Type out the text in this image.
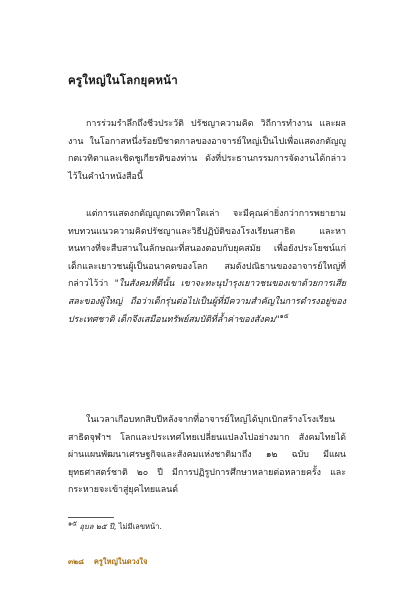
ครูใหญ่ในโลกยุคหน้า

การร่วมรำลึกถึงชีวประวัติ ปรัชญาความคิด วิถีการทำงาน และผลงาน ในโอกาสหนึ่งร้อยปีชาตกาลของอาจารย์ใหญ่เป็นไปเพื่อแสดงกตัญญูกตเวทิตาและเชิดชูเกียรติของท่าน ดังที่ประธานกรรมการจัดงานได้กล่าวไว้ในคำนำหนังสือนี้

แต่การแสดงกตัญญูกตเวทิตาใดเล่า จะมีคุณค่ายิ่งกว่าการพยายามทบทวนแนวความคิดปรัชญาและวิธีปฏิบัติของโรงเรียนสาธิต และหาหนทางที่จะสืบสานในลักษณะที่สนองตอบกับยุคสมัย เพื่อยังประโยชน์แก่เด็กและเยาวชนผู้เป็นอนาคตของโลก สมดังปณิธานของอาจารย์ใหญ่ที่กล่าวไว้ว่า "ในสังคมที่ดีนั้น เขาจะทะนุบำรุงเยาวชนของเขาด้วยการเสียสละของผู้ใหญ่ ถือว่าเด็กรุ่นต่อไปเป็นผู้ที่มีความสำคัญในการดำรงอยู่ของประเทศชาติ เด็กจึงเสมือนทรัพย์สมบัติที่ล้ำค่าของสังคม"$^{๑๕}$

ในเวลาเกือบหกสิบปีหลังจากที่อาจารย์ใหญ่ได้บุกเบิกสร้างโรงเรียนสาธิตจุฬาฯ โลกและประเทศไทยเปลี่ยนแปลงไปอย่างมาก สังคมไทยได้ผ่านแผนพัฒนาเศรษฐกิจและสังคมแห่งชาติมาถึง ๑๒ ฉบับ มีแผนยุทธศาสตร์ชาติ ๒๐ ปี มีการปฏิรูปการศึกษาหลายต่อหลายครั้ง และกระหายจะเข้าสู่ยุคไทยแลนด์

๑๕ อุบล ๒๕ ปี, ไม่มีเลขหน้า.
๓๒๘ ครูใหญ่ในดวงใจ
